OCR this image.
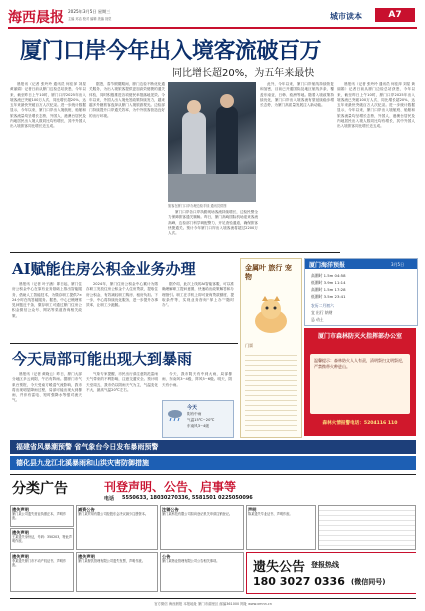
海西晨报 2025年3月5日 星期三
主编 邓洁 校对 编辑 美编 视觉	城市读本	A7
厦门口岸今年出入境客流破百万
同比增长超20%，为五年来最快

晨报讯（记者 张玲玲 通讯员 何佳萍 刘星 黄丽娟）记者日前从厦门边检总站获悉，今年以来，截至昨日上午10时，厦门口岸2025年出入境客流已突破100万人次，同比增长超20%，达五年来最快突破百万人次纪录。进一步统计数据显示，今年以来，厦门口岸出入境航班、船舶和旅客流量均呈增长态势，外国人、港澳台居民及内地居民出入境人数同比均有增长，其中外国人出入境旅客同比增长近五成。

据悉，春节假期期间，厦门边检不断优化通关服务，为出入境旅客提供更加高效便捷的通关体验，同时积极推进各项便民举措落地见效。今年以来，外国人出入境免签政策持续发力，越来越多外籍旅客选择从厦门入境旅游观光。边检部门持续提升口岸通关效率，为中外旅客营造良好的出行环境。

旅客在厦门口岸办理边检手续 通讯员供图

厦门口岸各口岸执勤现场客流持续增长，边检民警全力保障旅客通关顺畅。昨日，厦门高崎国际机场迎来客流高峰，边检部门科学调配警力，开足查验通道，确保旅客快捷通关。预计今年厦门口岸出入境客流将超过2200万人次。

此外，今年以来，厦门口岸航线持续恢复和加密，目前已开通国际及地区航线多条，覆盖东南亚、日韩、欧洲等地。随着入境政策持续优化，厦门口岸出入境客流有望延续稳步增长态势，为厦门高质量发展注入新动能。

晨报讯（记者 张玲玲 通讯员 何佳萍 刘星 黄丽娟）记者日前从厦门边检总站获悉，今年以来，截至昨日上午10时，厦门口岸2025年出入境客流已突破100万人次，同比增长超20%，达五年来最快突破百万人次纪录。进一步统计数据显示，今年以来，厦门口岸出入境航班、船舶和旅客流量均呈增长态势，外国人、港澳台居民及内地居民出入境人数同比均有增长，其中外国人出入境旅客同比增长近五成。

AI赋能住房公积金业务办理

晨报讯（记者 叶子涵）即日起，厦门住房公积金中心在原有业务基础上推出智能服务，借助人工智能技术，为缴存职工提供7×24小时在线答疑服务。据悉，中心已梳理常见问题近千条，缴存职工可通过厦门住房公积金微信公众号、网站等渠道咨询相关政策。

2024年，厦门住房公积金中心累计为缴存职工发放住房公积金个人住房贷款，提取住房公积金，有效减轻职工购房、租房负担。下一步，中心将持续优化服务，进一步提升办事效率，让职工少跑腿。

据介绍，此次上线的AI智能客服，可以准确理解职工提问意图，快速给出政策解答和办理指引。职工在手机上即可查询贷款额度、提取条件等，实现业务咨询“掌上办”“随时办”。

今天局部可能出现大到暴雨

晨报讯（记者 黄晓云）昨日，厦门大部分地区多云到阴，午后有阵雨。据厦门市气象台预报，今天受南方暖湿气流影响，我市将出现明显降雨过程，局部可能出现大到暴雨，并伴有雷电、短时强降水等强对流天气。

气象专家提醒，市民出行请注意防范雷雨天气带来的不利影响，注意交通安全。预计明天至周五，我市仍以阴雨天气为主，气温变化不大，最高气温20℃左右。

今天，我市阴天有中到大雨，局部暴雨，东南风3~4级，阵风5~6级。明天，阴天有小雨。

今天
阴有中雨
气温15℃~20℃
东南风3~4级
金属叶 旅行 宠物
门票
厦门海洋预报	3月5日
高潮时 1.5m 04:58
低潮时 3.9m 11:14
高潮时 1.5m 17:28
低潮时 3.5m 23:41
农历二月初六
宜 出行 纳财
忌 动土
厦门市森林防灭火指挥部办公室
温馨提示：森林防火人人有责，清明祭扫文明祭祀，严禁携带火种进山。
森林火情报警电话：5204116 110
福建省风暴潮预警 省气象台今日发布暴雨预警
德化县九龙江北溪暴雨和山洪灾害防御措施
分类广告	刊登声明、公告、启事等
电话 5550633, 18030270336, 5581501 0225050096
遗失声明
厦门某公司遗失营业执照正本，声明作废。
遗失声明
王某遗失身份证，号码：350203，特此声明作废。
减资公告
厦门某贸易有限公司经股东会决议减少注册资本。
注销公告
厦门某科技有限公司拟向登记机关申请注销登记。
遗失声明
李某遗失厦门市不动产权证书，声明作废。
遗失声明
厦门某餐饮管理有限公司遗失发票，声明作废。
公告
厦门某物业管理有限公司公告相关事项。
声明
陈某遗失毕业证书，声明作废。
遗失公告 登报热线
180 3027 0336 (微信同号)
官方微信 海西晨报 本报地址 厦门市湖里区 邮编361000 网址 www.xmnn.cn
